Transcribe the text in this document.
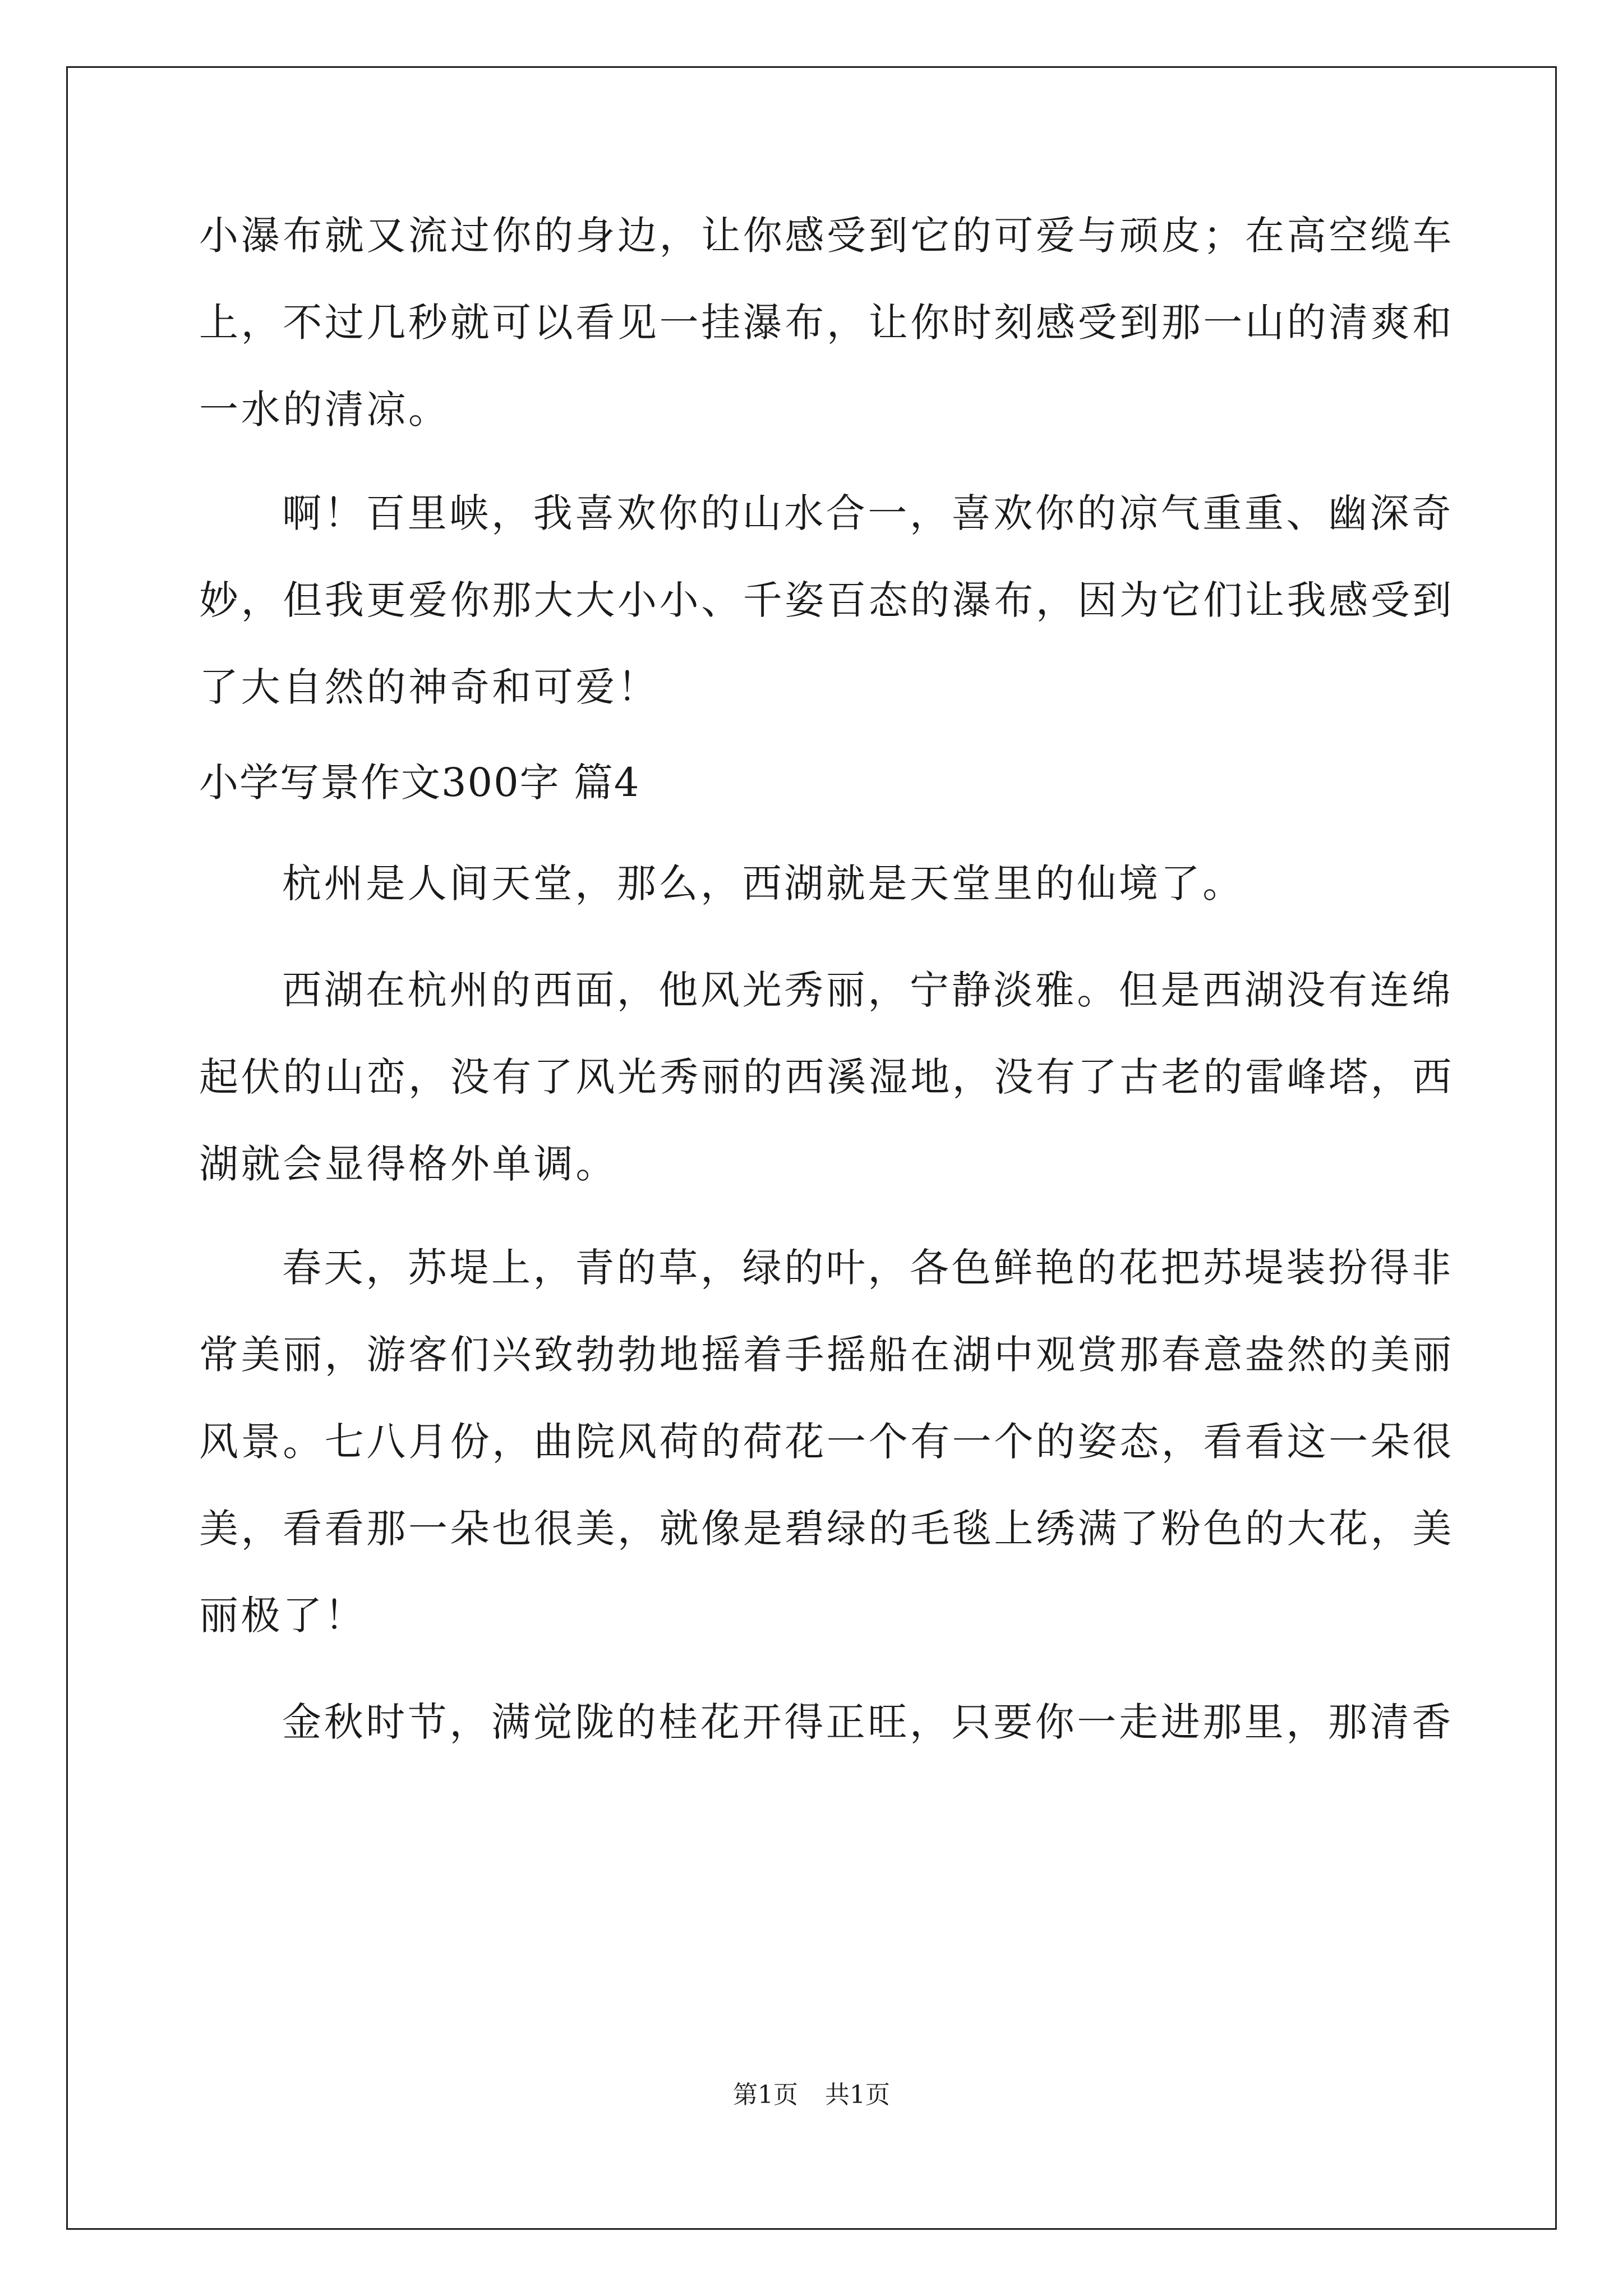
小瀑布就又流过你的身边，让你感受到它的可爱与顽皮；在高空缆车
上，不过几秒就可以看见一挂瀑布，让你时刻感受到那一山的清爽和
一水的清凉。
啊！百里峡，我喜欢你的山水合一，喜欢你的凉气重重、幽深奇
妙，但我更爱你那大大小小、千姿百态的瀑布，因为它们让我感受到
了大自然的神奇和可爱！
小学写景作文300字 篇4
杭州是人间天堂，那么，西湖就是天堂里的仙境了。
西湖在杭州的西面，他风光秀丽，宁静淡雅。但是西湖没有连绵
起伏的山峦，没有了风光秀丽的西溪湿地，没有了古老的雷峰塔，西
湖就会显得格外单调。
春天，苏堤上，青的草，绿的叶，各色鲜艳的花把苏堤装扮得非
常美丽，游客们兴致勃勃地摇着手摇船在湖中观赏那春意盎然的美丽
风景。七八月份，曲院风荷的荷花一个有一个的姿态，看看这一朵很
美，看看那一朵也很美，就像是碧绿的毛毯上绣满了粉色的大花，美
丽极了！
金秋时节，满觉陇的桂花开得正旺，只要你一走进那里，那清香
第1页 共1页
